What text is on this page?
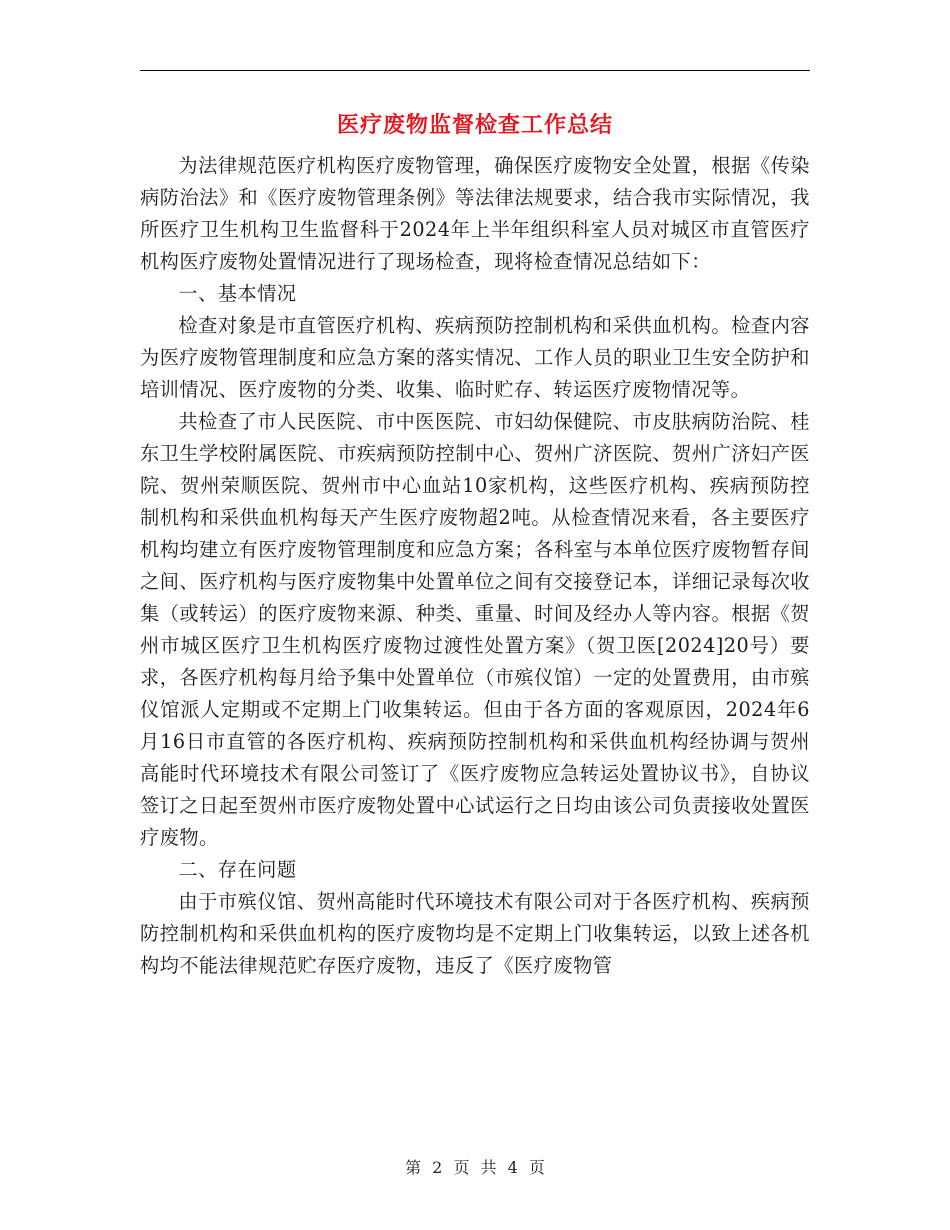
医疗废物监督检查工作总结

为法律规范医疗机构医疗废物管理，确保医疗废物安全处置，根据《传染病防治法》和《医疗废物管理条例》等法律法规要求，结合我市实际情况，我所医疗卫生机构卫生监督科于2024年上半年组织科室人员对城区市直管医疗机构医疗废物处置情况进行了现场检查，现将检查情况总结如下：

一、基本情况

检查对象是市直管医疗机构、疾病预防控制机构和采供血机构。检查内容为医疗废物管理制度和应急方案的落实情况、工作人员的职业卫生安全防护和培训情况、医疗废物的分类、收集、临时贮存、转运医疗废物情况等。

共检查了市人民医院、市中医医院、市妇幼保健院、市皮肤病防治院、桂东卫生学校附属医院、市疾病预防控制中心、贺州广济医院、贺州广济妇产医院、贺州荣顺医院、贺州市中心血站10家机构，这些医疗机构、疾病预防控制机构和采供血机构每天产生医疗废物超2吨。从检查情况来看，各主要医疗机构均建立有医疗废物管理制度和应急方案；各科室与本单位医疗废物暂存间之间、医疗机构与医疗废物集中处置单位之间有交接登记本，详细记录每次收集（或转运）的医疗废物来源、种类、重量、时间及经办人等内容。根据《贺州市城区医疗卫生机构医疗废物过渡性处置方案》（贺卫医[2024]20号）要求，各医疗机构每月给予集中处置单位（市殡仪馆）一定的处置费用，由市殡仪馆派人定期或不定期上门收集转运。但由于各方面的客观原因，2024年6月16日市直管的各医疗机构、疾病预防控制机构和采供血机构经协调与贺州高能时代环境技术有限公司签订了《医疗废物应急转运处置协议书》，自协议签订之日起至贺州市医疗废物处置中心试运行之日均由该公司负责接收处置医疗废物。

二、存在问题

由于市殡仪馆、贺州高能时代环境技术有限公司对于各医疗机构、疾病预防控制机构和采供血机构的医疗废物均是不定期上门收集转运，以致上述各机构均不能法律规范贮存医疗废物，违反了《医疗废物管

第 2 页 共 4 页
